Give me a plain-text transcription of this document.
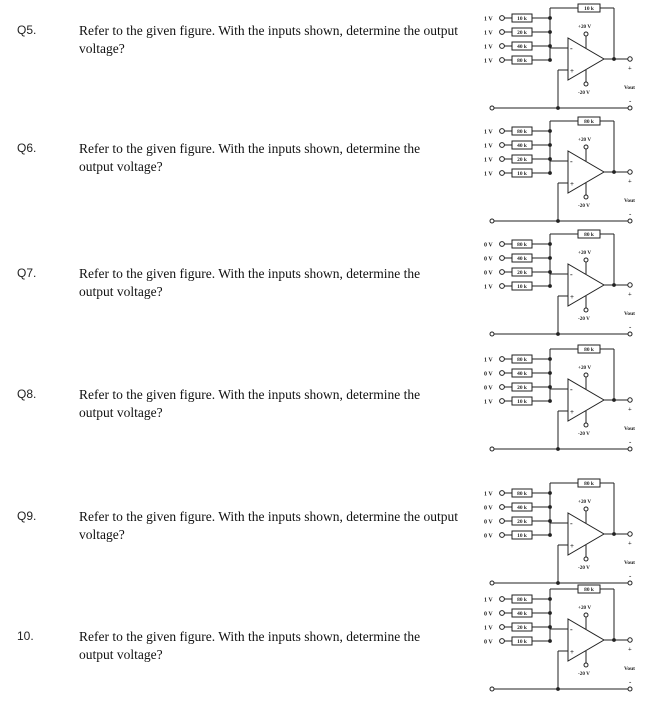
Q5.	Refer to the given figure. With the inputs shown, determine the output
voltage?
1 V	10 k
1 V	20 k
1 V	40 k
1 V	80 k
10 k
-
+
+20 V
-20 V
+
Vout
-
Q6.	Refer to the given figure. With the inputs shown, determine the
output voltage?
1 V	80 k
1 V	40 k
1 V	20 k
1 V	10 k
80 k
-
+
+20 V
-20 V
+
Vout
-
Q7.	Refer to the given figure. With the inputs shown, determine the
output voltage?
0 V	80 k
0 V	40 k
0 V	20 k
1 V	10 k
80 k
-
+
+20 V
-20 V
+
Vout
-
Q8.	Refer to the given figure. With the inputs shown, determine the
output voltage?
1 V	80 k
0 V	40 k
0 V	20 k
1 V	10 k
80 k
-
+
+20 V
-20 V
+
Vout
-
Q9.	Refer to the given figure. With the inputs shown, determine the output
voltage?
1 V	80 k
0 V	40 k
0 V	20 k
0 V	10 k
80 k
-
+
+20 V
-20 V
+
Vout
-
10.	Refer to the given figure. With the inputs shown, determine the
output voltage?
1 V	80 k
0 V	40 k
1 V	20 k
0 V	10 k
80 k
-
+
+20 V
-20 V
+
Vout
-
